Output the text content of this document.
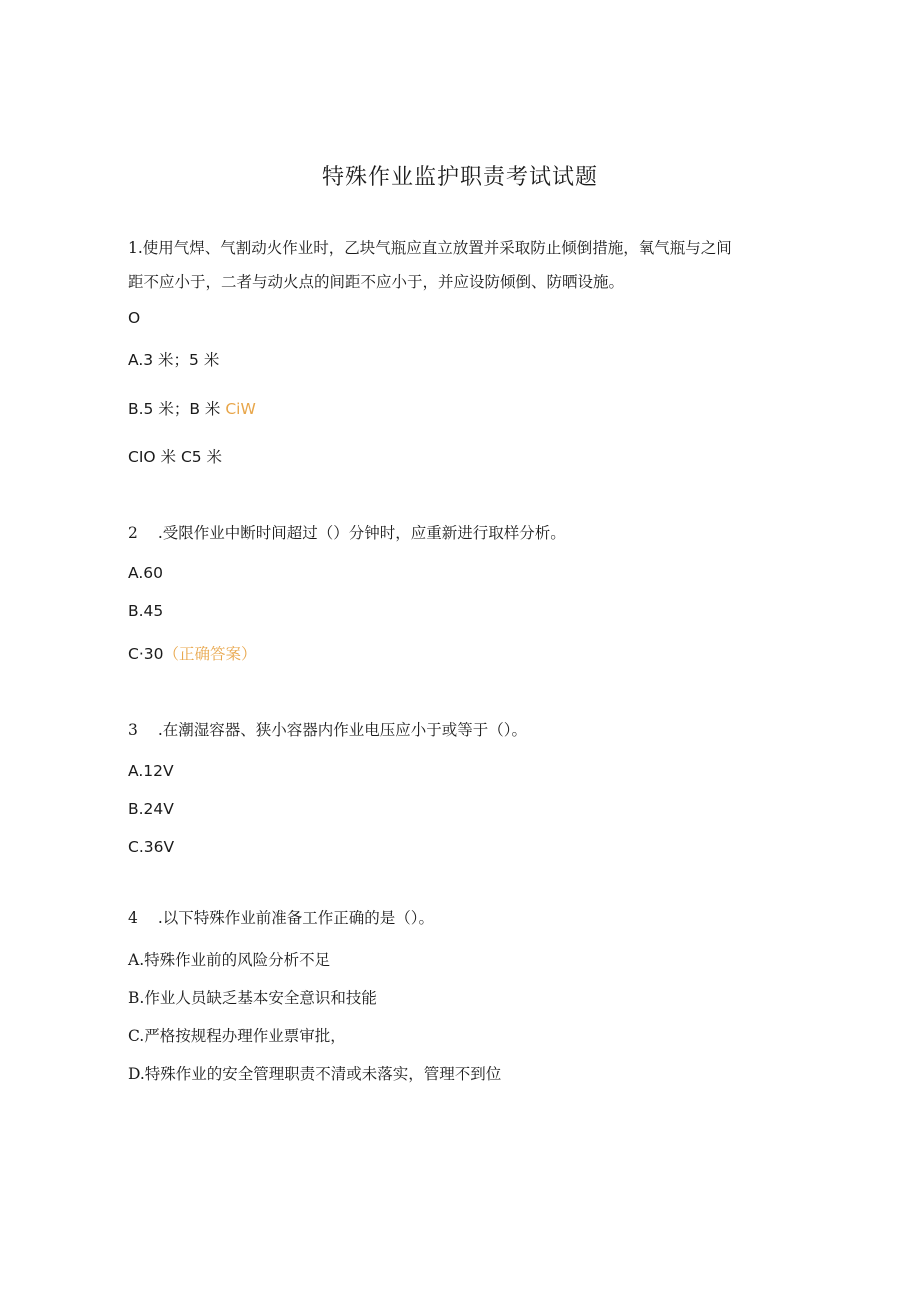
特殊作业监护职责考试试题
1.使用气焊、气割动火作业时，乙块气瓶应直立放置并采取防止倾倒措施，氧气瓶与之间
距不应小于，二者与动火点的间距不应小于，并应设防倾倒、防晒设施。
O
A.3 米；5 米
B.5 米；B 米 CiW
CIO 米 C5 米
2 .受限作业中断时间超过（）分钟时，应重新进行取样分析。
A.60
B.45
C·30（正确答案）
3 .在潮湿容器、狭小容器内作业电压应小于或等于（）。
A.12V
B.24V
C.36V
4 .以下特殊作业前准备工作正确的是（）。
A.特殊作业前的风险分析不足
B.作业人员缺乏基本安全意识和技能
C.严格按规程办理作业票审批，
D.特殊作业的安全管理职责不清或未落实，管理不到位
